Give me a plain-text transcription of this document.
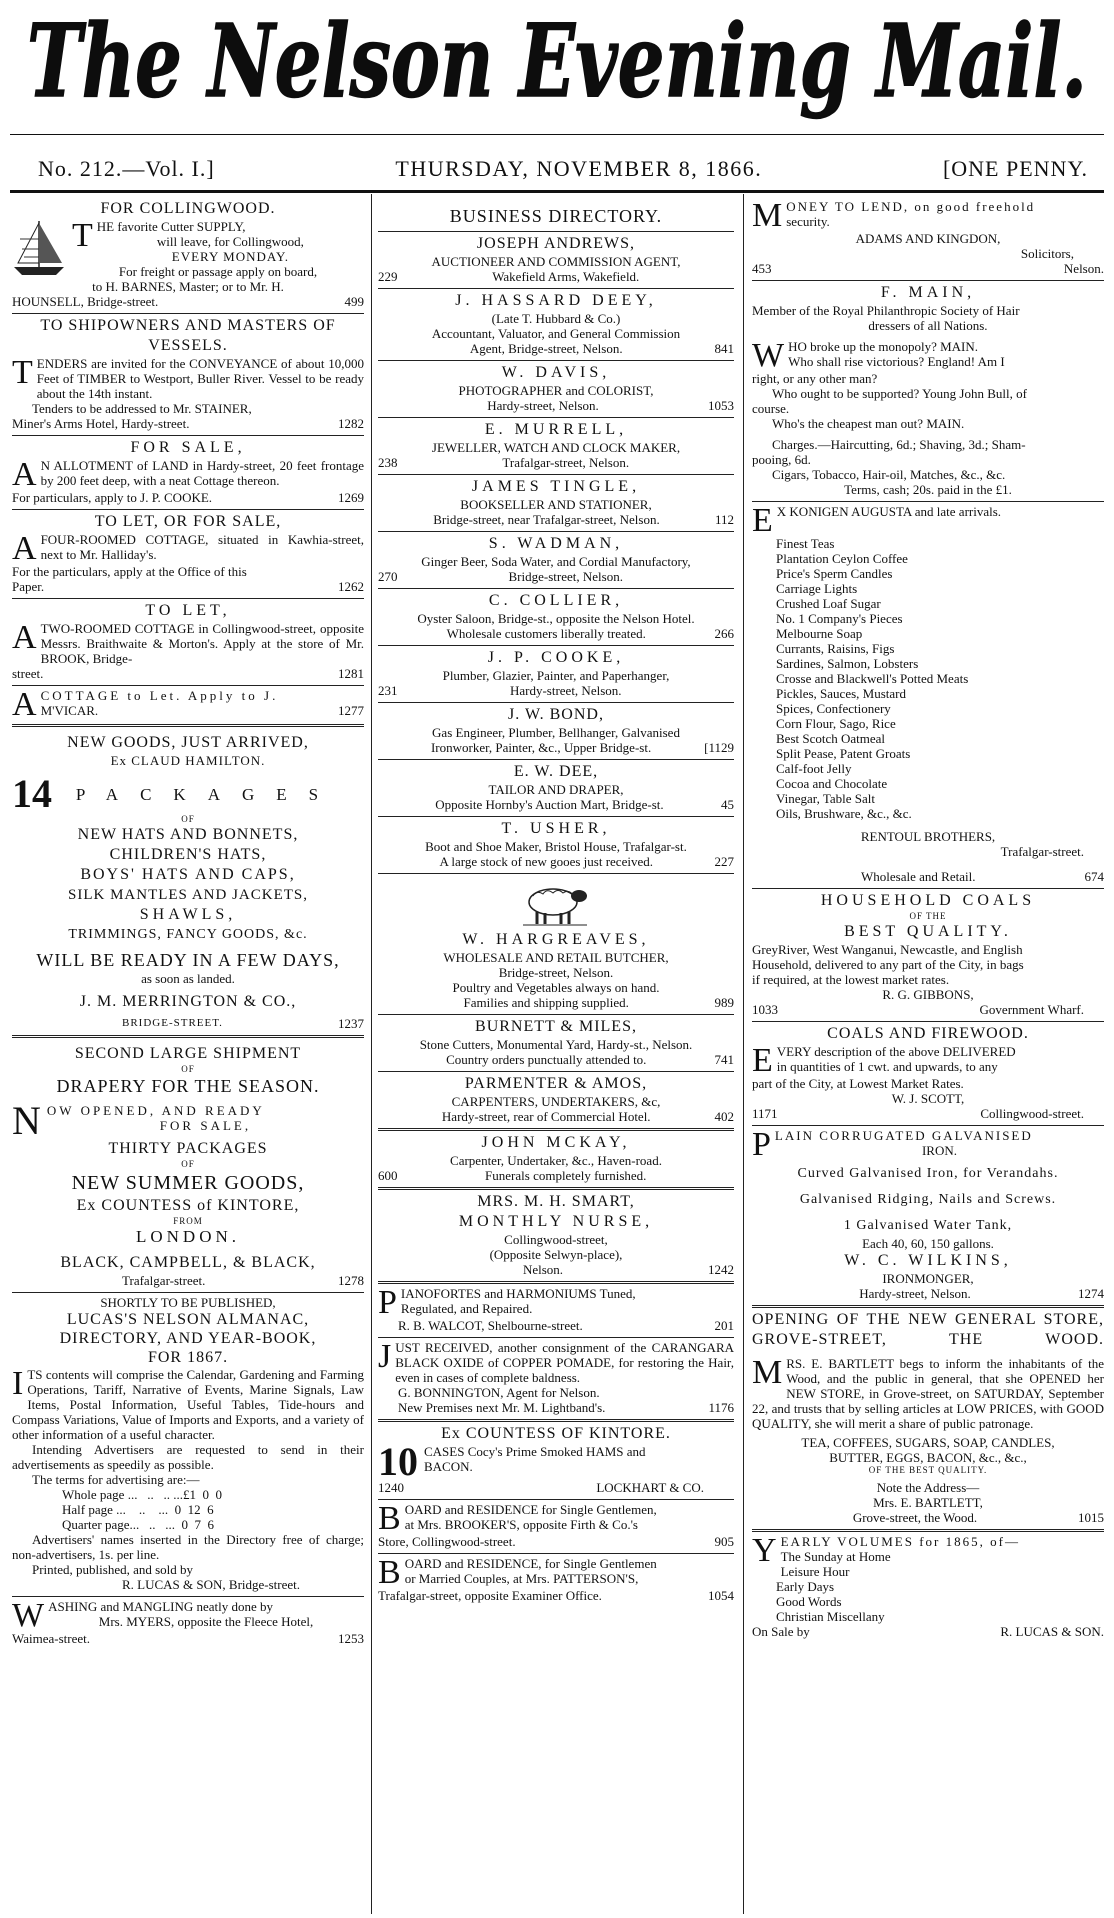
The Nelson Evening Mail.
No. 212.—Vol. I.]	THURSDAY, NOVEMBER 8, 1866.	[ONE PENNY.
FOR COLLINGWOOD.
THE favorite Cutter SUPPLY,
will leave, for Collingwood,
EVERY MONDAY.
For freight or passage apply on board,
to H. BARNES, Master; or to Mr. H.
HOUNSELL, Bridge-street.	499
TO SHIPOWNERS AND MASTERS OF VESSELS.
TENDERS are invited for the CONVEYANCE of about 10,000 Feet of TIMBER to Westport, Buller River. Vessel to be ready about the 14th instant.
Tenders to be addressed to Mr. STAINER,
Miner's Arms Hotel, Hardy-street.	1282
FOR SALE,
A N ALLOTMENT of LAND in Hardy-street, 20 feet frontage by 200 feet deep, with a neat Cottage thereon.
For particulars, apply to J. P. COOKE.	1269
TO LET, OR FOR SALE,
AFOUR-ROOMED COTTAGE, situated in Kawhia-street, next to Mr. Halliday's.
For the particulars, apply at the Office of this
Paper.	1262
TO LET,
ATWO-ROOMED COTTAGE in Collingwood-street, opposite Messrs. Braithwaite & Morton's. Apply at the store of Mr. BROOK, Bridge-
street.	1281
ACOTTAGE to Let. Apply to J.
M'VICAR.	1277
NEW GOODS, JUST ARRIVED,
Ex CLAUD HAMILTON.
14	PACKAGES
OF
NEW HATS AND BONNETS,
CHILDREN'S HATS,
BOYS' HATS AND CAPS,
SILK MANTLES AND JACKETS,
SHAWLS,
TRIMMINGS, FANCY GOODS, &c.
WILL BE READY IN A FEW DAYS,
as soon as landed.
J. M. MERRINGTON & CO.,
BRIDGE-STREET.	1237
SECOND LARGE SHIPMENT
OF
DRAPERY FOR THE SEASON.
NOW OPENED, AND READY
FOR SALE,
THIRTY PACKAGES
OF
NEW SUMMER GOODS,
Ex COUNTESS of KINTORE,
FROM
LONDON.
BLACK, CAMPBELL, & BLACK,
Trafalgar-street.	1278
SHORTLY TO BE PUBLISHED,
LUCAS'S NELSON ALMANAC,
DIRECTORY, AND YEAR-BOOK,
FOR 1867.
ITS contents will comprise the Calendar, Gardening and Farming Operations, Tariff, Narrative of Events, Marine Signals, Law Items, Postal Information, Useful Tables, Tide-hours and Compass Variations, Value of Imports and Exports, and a variety of other information of a useful character.
Intending Advertisers are requested to send in their advertisements as speedily as possible.
The terms for advertising are:—
Whole page ...   ..   .. ...£1  0  0
Half page ...    ..    ...  0  12  6
Quarter page...   ..   ...  0  7  6
Advertisers' names inserted in the Directory free of charge; non-advertisers, 1s. per line.
Printed, published, and sold by
R. LUCAS & SON, Bridge-street.
WASHING and MANGLING neatly done by
Mrs. MYERS, opposite the Fleece Hotel,
Waimea-street.	1253
BUSINESS DIRECTORY.
JOSEPH ANDREWS,
AUCTIONEER AND COMMISSION AGENT,
229	Wakefield Arms, Wakefield.
J. HASSARD DEEY,
(Late T. Hubbard & Co.)
Accountant, Valuator, and General Commission
Agent, Bridge-street, Nelson.	841
W. DAVIS,
PHOTOGRAPHER and COLORIST,
Hardy-street, Nelson.	1053
E. MURRELL,
JEWELLER, WATCH AND CLOCK MAKER,
238	Trafalgar-street, Nelson.
JAMES TINGLE,
BOOKSELLER AND STATIONER,
Bridge-street, near Trafalgar-street, Nelson.	112
S. WADMAN,
Ginger Beer, Soda Water, and Cordial Manufactory,
270	Bridge-street, Nelson.
C. COLLIER,
Oyster Saloon, Bridge-st., opposite the Nelson Hotel.
Wholesale customers liberally treated.	266
J. P. COOKE,
Plumber, Glazier, Painter, and Paperhanger,
231	Hardy-street, Nelson.
J. W. BOND,
Gas Engineer, Plumber, Bellhanger, Galvanised
Ironworker, Painter, &c., Upper Bridge-st.	[1129
E. W. DEE,
TAILOR AND DRAPER,
Opposite Hornby's Auction Mart, Bridge-st.	45
T. USHER,
Boot and Shoe Maker, Bristol House, Trafalgar-st.
A large stock of new gooes just received.	227
W. HARGREAVES,
WHOLESALE AND RETAIL BUTCHER,
Bridge-street, Nelson.
Poultry and Vegetables always on hand.
Families and shipping supplied.	989
BURNETT & MILES,
Stone Cutters, Monumental Yard, Hardy-st., Nelson.
Country orders punctually attended to.	741
PARMENTER & AMOS,
CARPENTERS, UNDERTAKERS, &c,
Hardy-street, rear of Commercial Hotel.	402
JOHN MCKAY,
Carpenter, Undertaker, &c., Haven-road.
600	Funerals completely furnished.
MRS. M. H. SMART,
MONTHLY NURSE,
Collingwood-street,
(Opposite Selwyn-place),
Nelson.	1242
PIANOFORTES and HARMONIUMS Tuned,
Regulated, and Repaired.
R. B. WALCOT, Shelbourne-street.	201
JUST RECEIVED, another consignment of the CARANGARA BLACK OXIDE of COPPER POMADE, for restoring the Hair, even in cases of complete baldness.
G. BONNINGTON, Agent for Nelson.
New Premises next Mr. M. Lightband's.	1176
Ex COUNTESS OF KINTORE.
10 CASES Cocy's Prime Smoked HAMS and
BACON.
1240	LOCKHART & CO.
BOARD and RESIDENCE for Single Gentlemen,
at Mrs. BROOKER'S, opposite Firth & Co.'s
Store, Collingwood-street.	905
BOARD and RESIDENCE, for Single Gentlemen
or Married Couples, at Mrs. PATTERSON'S,
Trafalgar-street, opposite Examiner Office.	1054
MONEY TO LEND, on good freehold
security.
ADAMS AND KINGDON,
Solicitors,
453	Nelson.
F. MAIN,
Member of the Royal Philanthropic Society of Hair
dressers of all Nations.
WHO broke up the monopoly? MAIN.
Who shall rise victorious? England! Am I
right, or any other man?
Who ought to be supported? Young John Bull, of
course.
Who's the cheapest man out? MAIN.
Charges.—Haircutting, 6d.; Shaving, 3d.; Sham-
pooing, 6d.
Cigars, Tobacco, Hair-oil, Matches, &c., &c.
Terms, cash; 20s. paid in the £1.
E X KONIGEN AUGUSTA and late arrivals.
Finest Teas
Plantation Ceylon Coffee
Price's Sperm Candles
Carriage Lights
Crushed Loaf Sugar
No. 1 Company's Pieces
Melbourne Soap
Currants, Raisins, Figs
Sardines, Salmon, Lobsters
Crosse and Blackwell's Potted Meats
Pickles, Sauces, Mustard
Spices, Confectionery
Corn Flour, Sago, Rice
Best Scotch Oatmeal
Split Pease, Patent Groats
Calf-foot Jelly
Cocoa and Chocolate
Vinegar, Table Salt
Oils, Brushware, &c., &c.
RENTOUL BROTHERS,
Trafalgar-street.
Wholesale and Retail.	674
HOUSEHOLD COALS
OF THE
BEST QUALITY.
GreyRiver, West Wanganui, Newcastle, and English
Household, delivered to any part of the City, in bags
if required, at the lowest market rates.
R. G. GIBBONS,
1033	Government Wharf.
COALS AND FIREWOOD.
EVERY description of the above DELIVERED
in quantities of 1 cwt. and upwards, to any
part of the City, at Lowest Market Rates.
W. J. SCOTT,
1171	Collingwood-street.
PLAIN CORRUGATED GALVANISED
IRON.
Curved Galvanised Iron, for Verandahs.
Galvanised Ridging, Nails and Screws.
1 Galvanised Water Tank,
Each 40, 60, 150 gallons.
W. C. WILKINS,
IRONMONGER,
Hardy-street, Nelson.	1274
OPENING OF THE NEW GENERAL STORE, GROVE-STREET, THE WOOD.
MRS. E. BARTLETT begs to inform the inhabitants of the Wood, and the public in general, that she OPENED her NEW STORE, in Grove-street, on SATURDAY, September 22, and trusts that by selling articles at LOW PRICES, with GOOD QUALITY, she will merit a share of public patronage.
TEA, COFFEES, SUGARS, SOAP, CANDLES,
BUTTER, EGGS, BACON, &c., &c.,
OF THE BEST QUALITY.
Note the Address—
Mrs. E. BARTLETT,
Grove-street, the Wood.	1015
YEARLY VOLUMES for 1865, of—
The Sunday at Home
Leisure Hour
Early Days
Good Words
Christian Miscellany
On Sale by	R. LUCAS & SON.
